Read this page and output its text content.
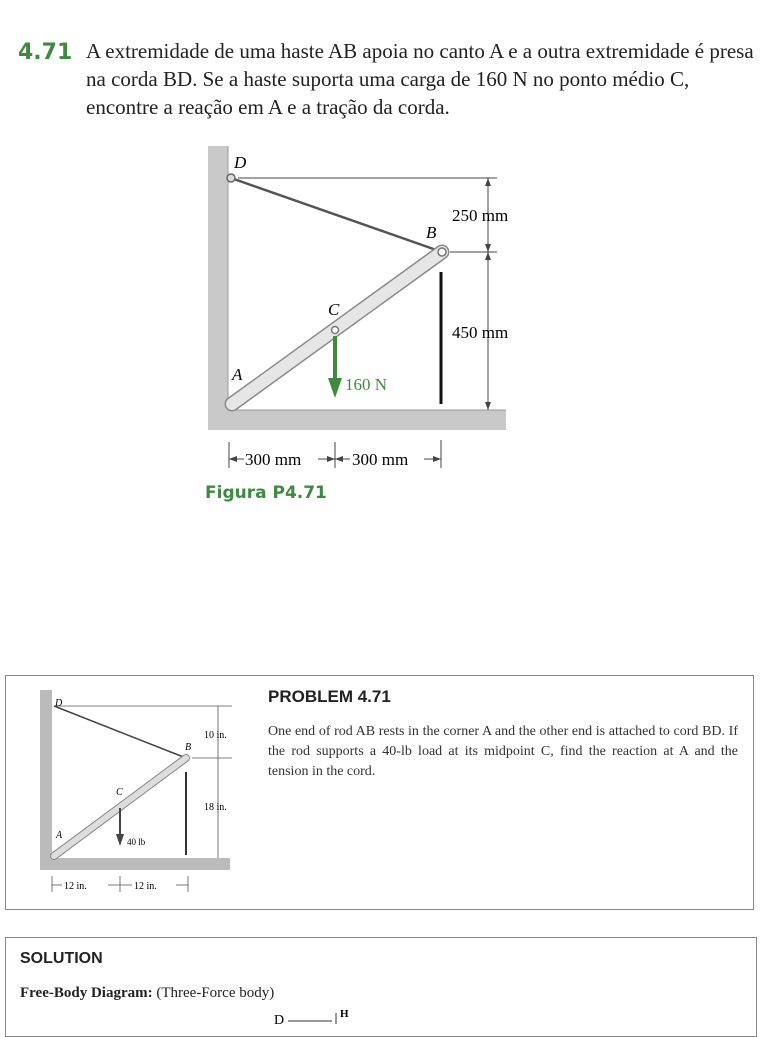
4.71 A extremidade de uma haste AB apoia no canto A e a outra extremidade é presa na corda BD. Se a haste suporta uma carga de 160 N no ponto médio C, encontre a reação em A e a tração da corda.
D
B
C
A
160 N
250 mm
450 mm
300 mm	300 mm
Figura P4.71
D
B
C
A
40 lb
10 in.
18 in.
12 in.	12 in.
PROBLEM 4.71
One end of rod AB rests in the corner A and the other end is attached to cord BD. If the rod supports a 40-lb load at its midpoint C, find the reaction at A and the tension in the cord.
SOLUTION
Free-Body Diagram: (Three-Force body)
D	H
